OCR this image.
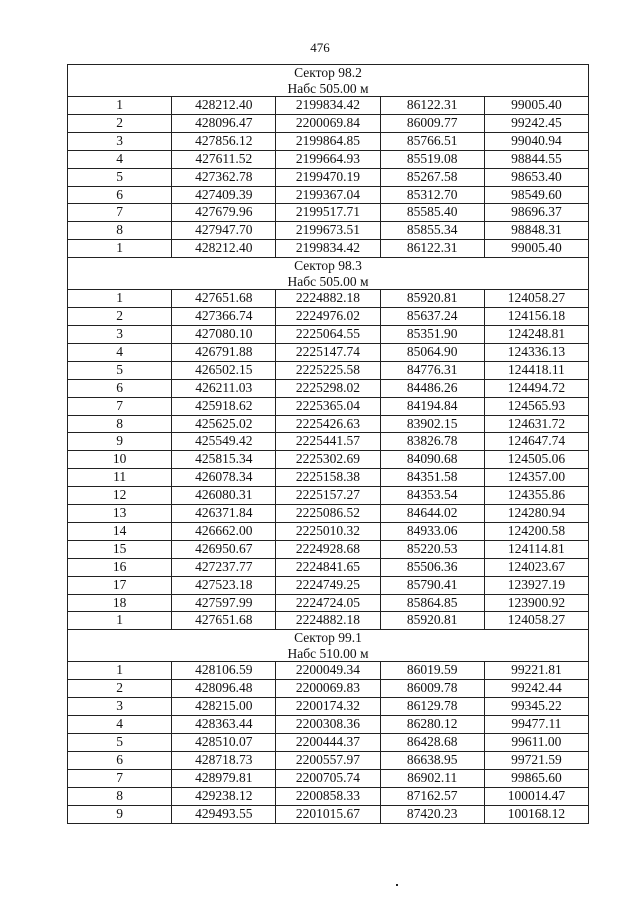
476
Сектор 98.2				
Набс 505.00 м				
1	428212.40	2199834.42	86122.31	99005.40
2	428096.47	2200069.84	86009.77	99242.45
3	427856.12	2199864.85	85766.51	99040.94
4	427611.52	2199664.93	85519.08	98844.55
5	427362.78	2199470.19	85267.58	98653.40
6	427409.39	2199367.04	85312.70	98549.60
7	427679.96	2199517.71	85585.40	98696.37
8	427947.70	2199673.51	85855.34	98848.31
1	428212.40	2199834.42	86122.31	99005.40
Сектор 98.3				
Набс 505.00 м				
1	427651.68	2224882.18	85920.81	124058.27
2	427366.74	2224976.02	85637.24	124156.18
3	427080.10	2225064.55	85351.90	124248.81
4	426791.88	2225147.74	85064.90	124336.13
5	426502.15	2225225.58	84776.31	124418.11
6	426211.03	2225298.02	84486.26	124494.72
7	425918.62	2225365.04	84194.84	124565.93
8	425625.02	2225426.63	83902.15	124631.72
9	425549.42	2225441.57	83826.78	124647.74
10	425815.34	2225302.69	84090.68	124505.06
11	426078.34	2225158.38	84351.58	124357.00
12	426080.31	2225157.27	84353.54	124355.86
13	426371.84	2225086.52	84644.02	124280.94
14	426662.00	2225010.32	84933.06	124200.58
15	426950.67	2224928.68	85220.53	124114.81
16	427237.77	2224841.65	85506.36	124023.67
17	427523.18	2224749.25	85790.41	123927.19
18	427597.99	2224724.05	85864.85	123900.92
1	427651.68	2224882.18	85920.81	124058.27
Сектор 99.1				
Набс 510.00 м				
1	428106.59	2200049.34	86019.59	99221.81
2	428096.48	2200069.83	86009.78	99242.44
3	428215.00	2200174.32	86129.78	99345.22
4	428363.44	2200308.36	86280.12	99477.11
5	428510.07	2200444.37	86428.68	99611.00
6	428718.73	2200557.97	86638.95	99721.59
7	428979.81	2200705.74	86902.11	99865.60
8	429238.12	2200858.33	87162.57	100014.47
9	429493.55	2201015.67	87420.23	100168.12
